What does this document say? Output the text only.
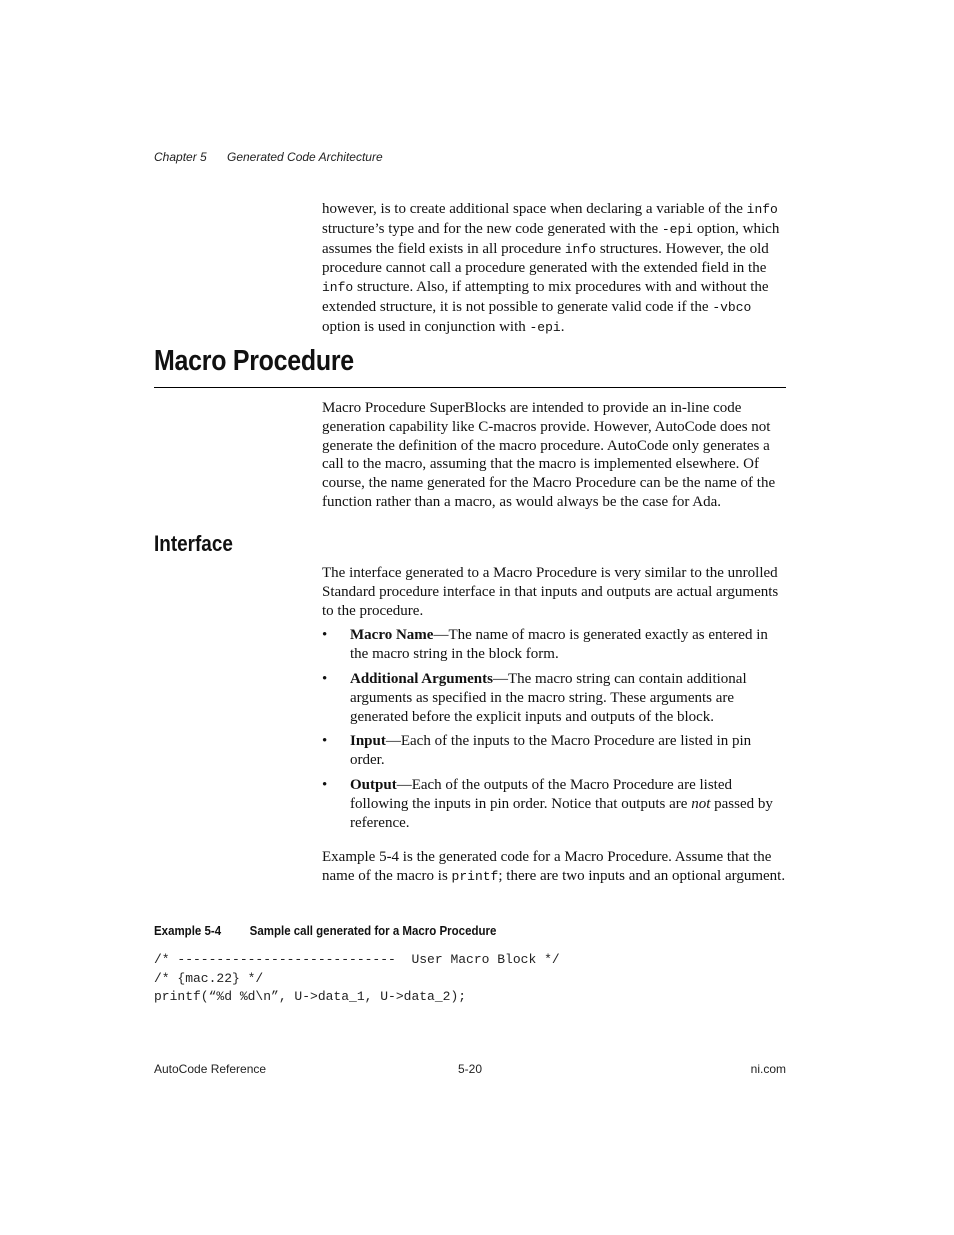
Chapter 5 Generated Code Architecture

however, is to create additional space when declaring a variable of the info structure’s type and for the new code generated with the -epi option, which assumes the field exists in all procedure info structures. However, the old procedure cannot call a procedure generated with the extended field in the info structure. Also, if attempting to mix procedures with and without the extended structure, it is not possible to generate valid code if the -vbco option is used in conjunction with -epi.

Macro Procedure

Macro Procedure SuperBlocks are intended to provide an in-line code generation capability like C-macros provide. However, AutoCode does not generate the definition of the macro procedure. AutoCode only generates a call to the macro, assuming that the macro is implemented elsewhere. Of course, the name generated for the Macro Procedure can be the name of the function rather than a macro, as would always be the case for Ada.

Interface

The interface generated to a Macro Procedure is very similar to the unrolled Standard procedure interface in that inputs and outputs are actual arguments to the procedure.

• Macro Name—The name of macro is generated exactly as entered in the macro string in the block form.
• Additional Arguments—The macro string can contain additional arguments as specified in the macro string. These arguments are generated before the explicit inputs and outputs of the block.
• Input—Each of the inputs to the Macro Procedure are listed in pin order.
• Output—Each of the outputs of the Macro Procedure are listed following the inputs in pin order. Notice that outputs are not passed by reference.

Example 5-4 is the generated code for a Macro Procedure. Assume that the name of the macro is printf; there are two inputs and an optional argument.

Example 5-4 Sample call generated for a Macro Procedure
/* ----------------------------  User Macro Block */
/* {mac.22} */
printf(“%d %d\n”, U->data_1, U->data_2);
AutoCode Reference	5-20	ni.com
